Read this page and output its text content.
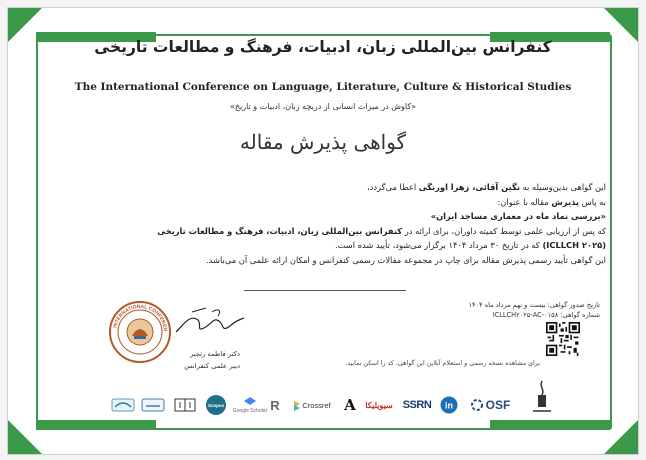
کنفرانس بین‌المللی زبان، ادبیات، فرهنگ و مطالعات تاریخی
The International Conference on Language, Literature, Culture & Historical Studies
«کاوش در میراث انسانی از دریچه زبان، ادبیات و تاریخ»
گواهی پذیرش مقاله
این گواهی بدین‌وسیله به نگین آقائی، زهرا اورنگی اعطا می‌گردد،
به پاس پذیرش مقاله با عنوان:
«بررسی نماد ماه در معماری مساجد ایران»
که پس از ارزیابی علمی توسط کمیته داوران، برای ارائه در کنفرانس بین‌المللی زبان، ادبیات، فرهنگ و مطالعات تاریخی
(ICLLCH ۲۰۲۵) که در تاریخ ۳۰ مرداد ۱۴۰۴ برگزار می‌شود، تأیید شده است.
این گواهی تأیید رسمی پذیرش مقاله برای چاپ در مجموعه مقالات رسمی کنفرانس و امکان ارائه علمی آن می‌باشد.
تاریخ صدور گواهی: بیست و نهم مرداد ماه ۱۴۰۴
شماره گواهی: ICLLCH۲۰۲۵-AC-۰۱۵۸
برای مشاهده نسخه رسمی و استعلام آنلاین این گواهی، کد را اسکن نمایید.
INTERNATIONAL CONFEREN
دکتر فاطمه رنجبر
دبیر علمی کنفرانس
Scopus
Google Scholar R	Crossref A سیویلیکا SSRN in	OSF
